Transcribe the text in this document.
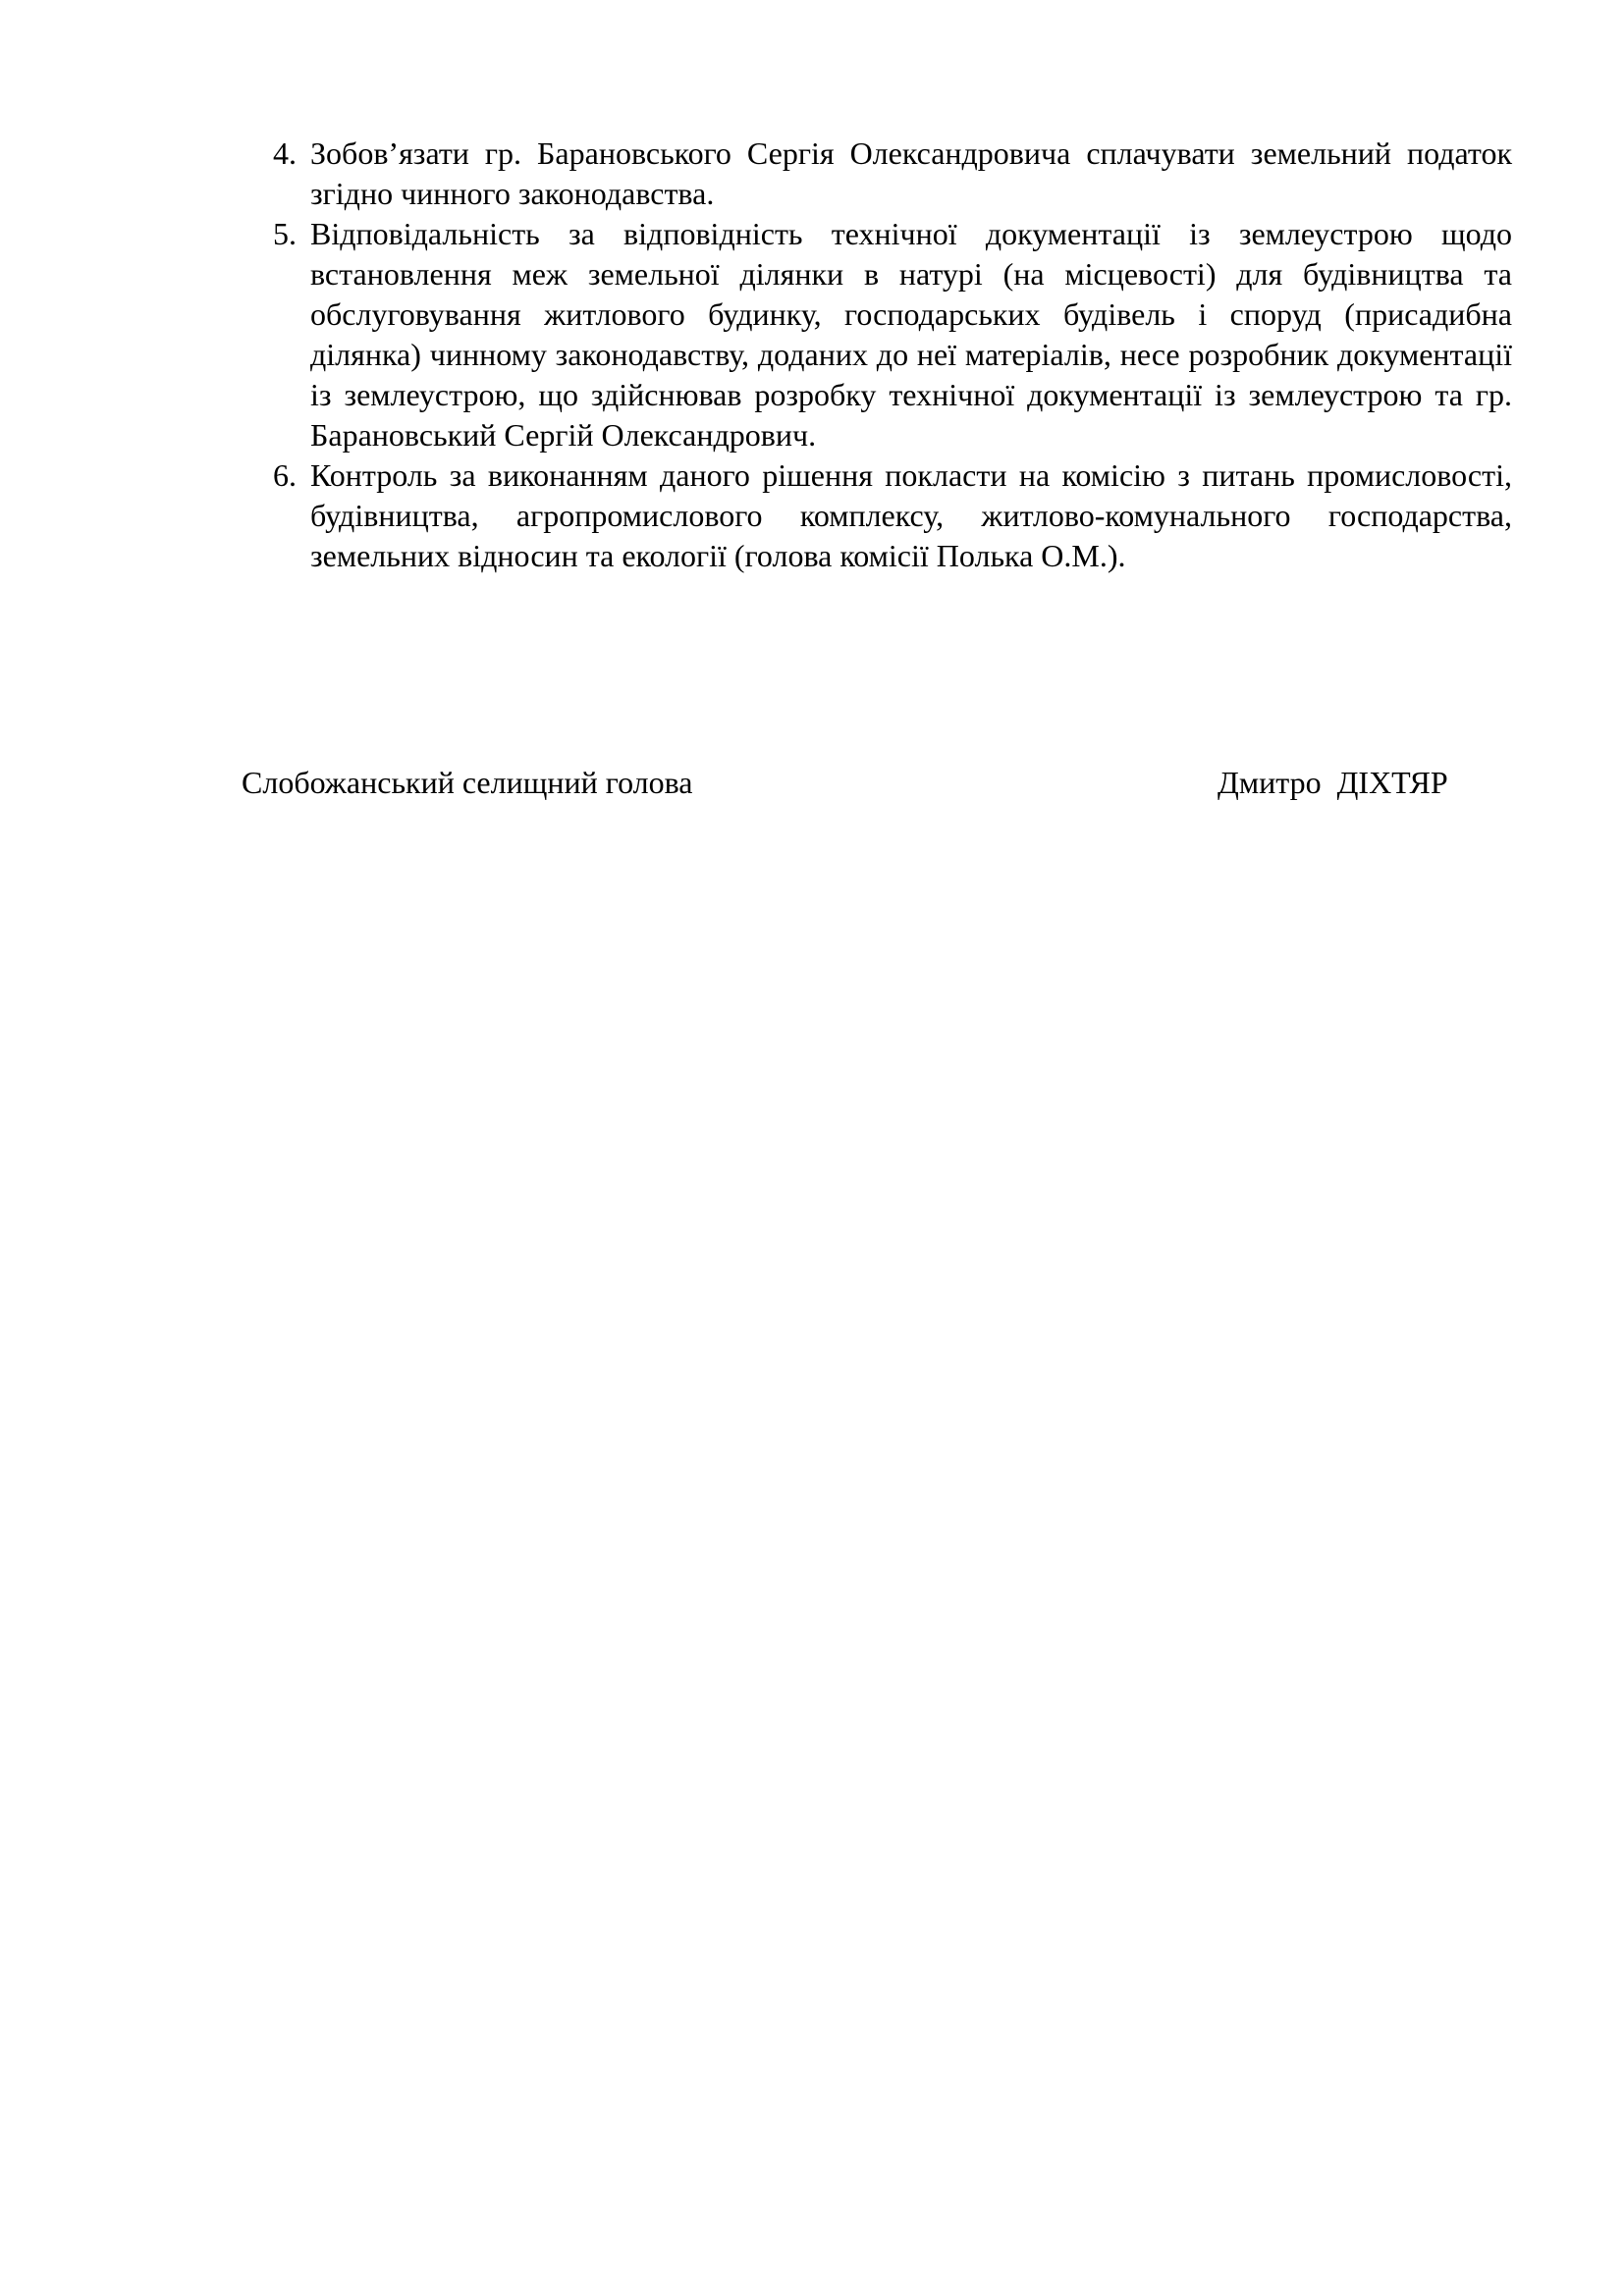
4. Зобов’язати гр. Барановського Сергія Олександровича сплачувати земельний податок згідно чинного законодавства.
5. Відповідальність за відповідність технічної документації із землеустрою щодо встановлення меж земельної ділянки в натурі (на місцевості) для будівництва та обслуговування житлового будинку, господарських будівель і споруд (присадибна ділянка) чинному законодавству, доданих до неї матеріалів, несе розробник документації із землеустрою, що здійснював розробку технічної документації із землеустрою та гр. Барановський Сергій Олександрович.
6. Контроль за виконанням даного рішення покласти на комісію з питань промисловості, будівництва, агропромислового комплексу, житлово-комунального господарства, земельних відносин та екології (голова комісії Полька О.М.).
Слобожанський селищний голова	Дмитро  ДІХТЯР
